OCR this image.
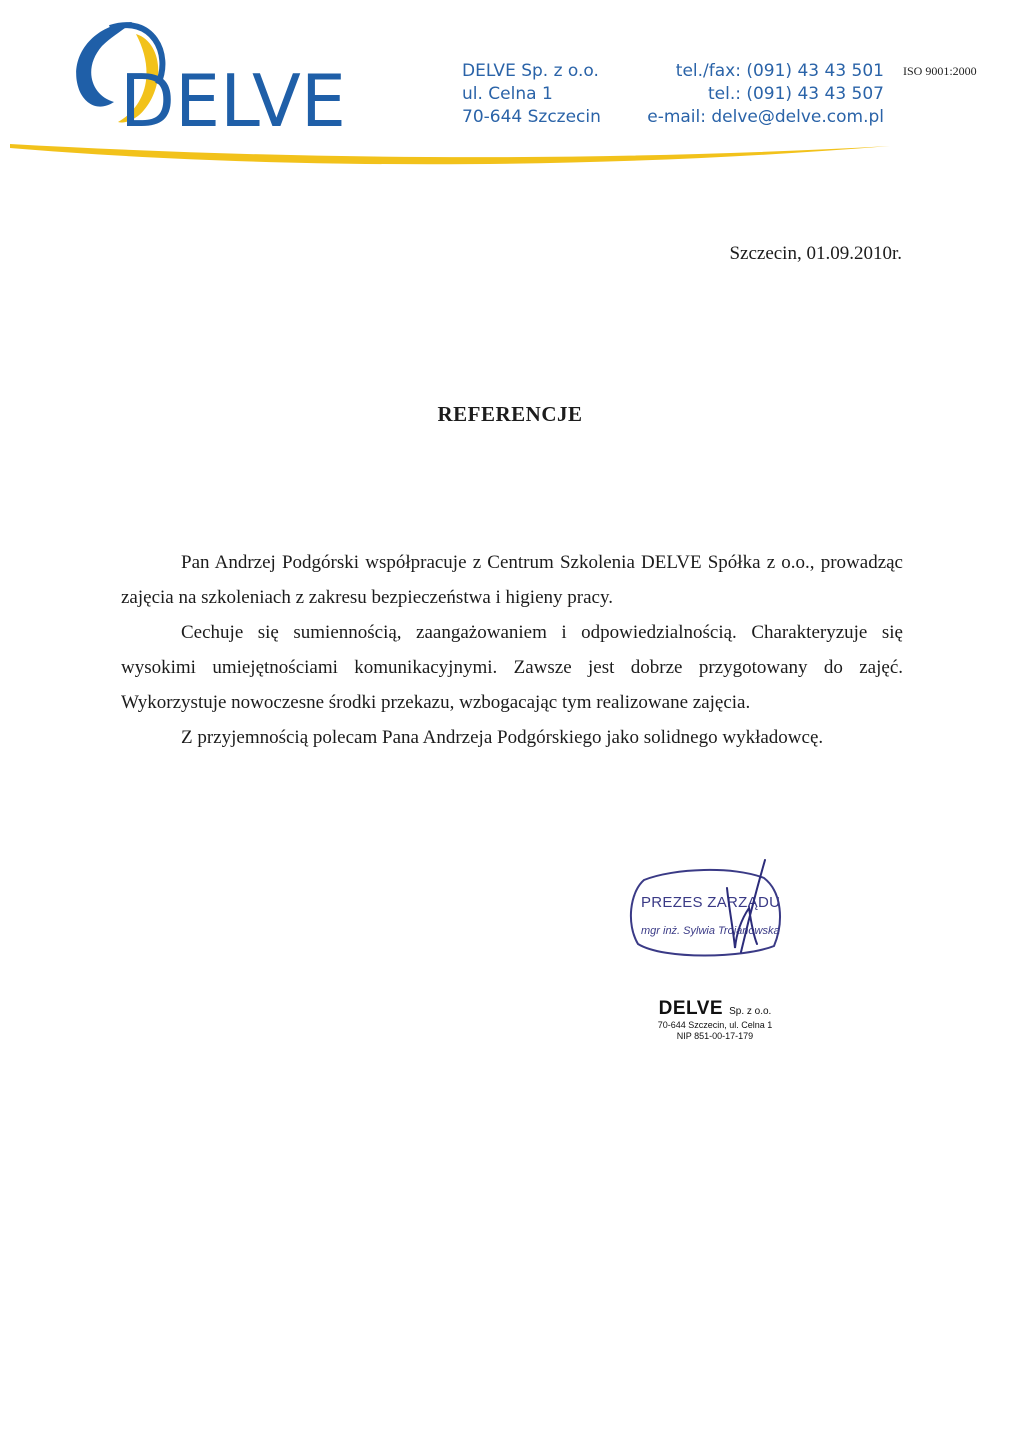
DELVE	DELVE Sp. z o.o.
ul. Celna 1
70-644 Szczecin
tel./fax: (091) 43 43 501
tel.: (091) 43 43 507
e-mail: delve@delve.com.pl
ISO 9001:2000
Szczecin, 01.09.2010r.
REFERENCJE

Pan Andrzej Podgórski współpracuje z Centrum Szkolenia DELVE Spółka z o.o., prowadząc zajęcia na szkoleniach z zakresu bezpieczeństwa i higieny pracy.

Cechuje się sumiennością, zaangażowaniem i odpowiedzialnością. Charakteryzuje się wysokimi umiejętnościami komunikacyjnymi. Zawsze jest dobrze przygotowany do zajęć. Wykorzystuje nowoczesne środki przekazu, wzbogacając tym realizowane zajęcia.

Z przyjemnością polecam Pana Andrzeja Podgórskiego jako solidnego wykładowcę.

PREZES ZARZĄDU
mgr inż. Sylwia Trojanowska
DELVE Sp. z o.o.
70-644 Szczecin, ul. Celna 1
NIP 851-00-17-179
